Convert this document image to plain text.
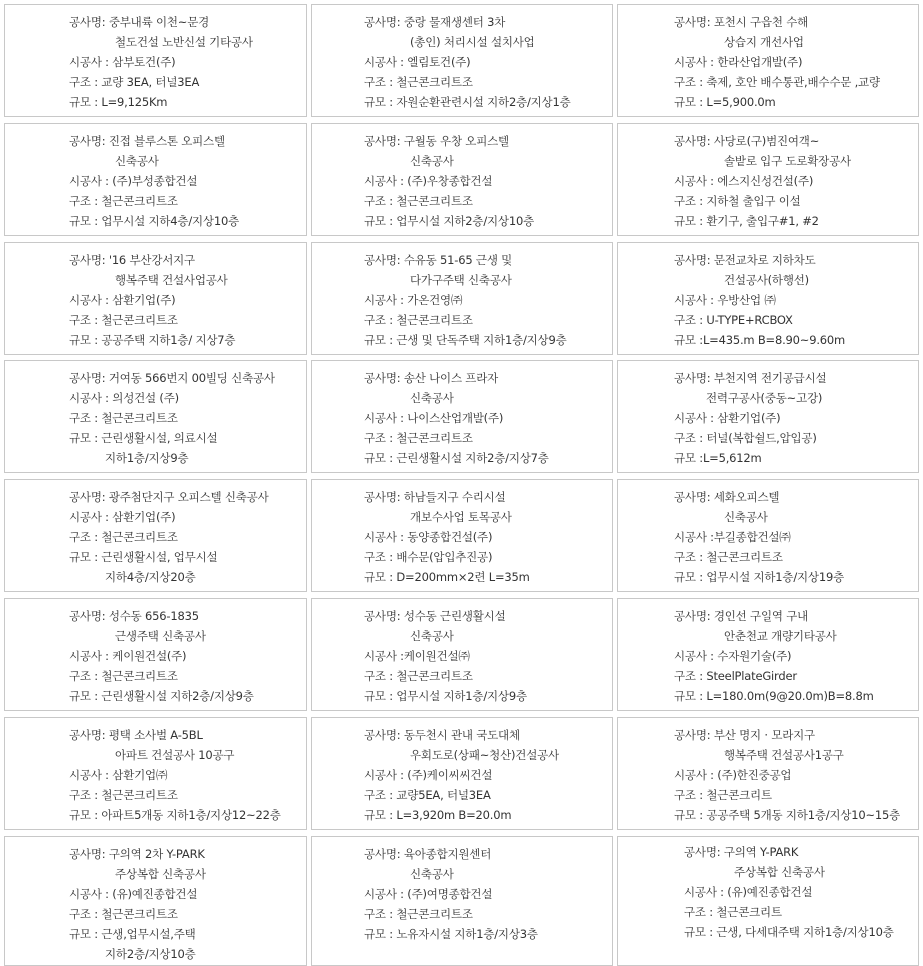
공사명: 중부내륙 이천~문경
철도건설 노반신설 기타공사
시공사 : 삼부토건(주)
구조 : 교량 3EA, 터널3EA
규모 : L=9,125Km
공사명: 중랑 물재생센터 3차
(총인) 처리시설 설치사업
시공사 : 엘림토건(주)
구조 : 철근콘크리트조
규모 : 자원순환관련시설 지하2층/지상1층
공사명: 포천시 구읍천 수해
상습지 개선사업
시공사 : 한라산업개발(주)
구조 : 축제, 호안 배수통관,배수수문 ,교량
규모 : L=5,900.0m
공사명: 진접 블루스톤 오피스텔
신축공사
시공사 : (주)부성종합건설
구조 : 철근콘크리트조
규모 : 업무시설 지하4층/지상10층
공사명: 구월동 우창 오피스텔
신축공사
시공사 : (주)우창종합건설
구조 : 철근콘크리트조
규모 : 업무시설 지하2층/지상10층
공사명: 사당로(구)범진여객~
솔밭로 입구 도로확장공사
시공사 : 에스지신성건설(주)
구조 : 지하철 출입구 이설
규모 : 환기구, 출입구#1, #2
공사명: '16 부산강서지구
행복주택 건설사업공사
시공사 : 삼환기업(주)
구조 : 철근콘크리트조
규모 : 공공주택 지하1층/ 지상7층
공사명: 수유동 51-65 근생 및
다가구주택 신축공사
시공사 : 가온건영㈜
구조 : 철근콘크리트조
규모 : 근생 및 단독주택 지하1층/지상9층
공사명: 문전교차로 지하차도
건설공사(하행선)
시공사 : 우방산업 ㈜
구조 : U-TYPE+RCBOX
규모 :L=435.m B=8.90~9.60m
공사명: 거여동 566번지 00빌딩 신축공사
시공사 : 의성건설 (주)
구조 : 철근콘크리트조
규모 : 근린생활시설, 의료시설
지하1층/지상9층
공사명: 송산 나이스 프라자
신축공사
시공사 : 나이스산업개발(주)
구조 : 철근콘크리트조
규모 : 근린생활시설 지하2층/지상7층
공사명: 부천지역 전기공급시설
전력구공사(중동~고강)
시공사 : 삼환기업(주)
구조 : 터널(복합쉴드,압입공)
규모 :L=5,612m
공사명: 광주첨단지구 오피스텔 신축공사
시공사 : 삼환기업(주)
구조 : 철근콘크리트조
규모 : 근린생활시설, 업무시설
지하4층/지상20층
공사명: 하남들지구 수리시설
개보수사업 토목공사
시공사 : 동양종합건설(주)
구조 : 배수문(압입추진공)
규모 : D=200mm×2련 L=35m
공사명: 세화오피스텔
신축공사
시공사 :부길종합건설㈜
구조 : 철근콘크리트조
규모 : 업무시설 지하1층/지상19층
공사명: 성수동 656-1835
근생주택 신축공사
시공사 : 케이원건설(주)
구조 : 철근콘크리트조
규모 : 근린생활시설 지하2층/지상9층
공사명: 성수동 근린생활시설
신축공사
시공사 :케이원건설㈜
구조 : 철근콘크리트조
규모 : 업무시설 지하1층/지상9층
공사명: 경인선 구일역 구내
안춘천교 개량기타공사
시공사 : 수자원기술(주)
구조 : SteelPlateGirder
규모 : L=180.0m(9@20.0m)B=8.8m
공사명: 평택 소사벌 A-5BL
아파트 건설공사 10공구
시공사 : 삼환기업㈜
구조 : 철근콘크리트조
규모 : 아파트5개동 지하1층/지상12~22층
공사명: 동두천시 관내 국도대체
우회도로(상패~청산)건설공사
시공사 : (주)케이씨씨건설
구조 : 교량5EA, 터널3EA
규모 : L=3,920m B=20.0m
공사명: 부산 명지 · 모라지구
행복주택 건설공사1공구
시공사 : (주)한진중공업
구조 : 철근콘크리트
규모 : 공공주택 5개동 지하1층/지상10~15층
공사명: 구의역 2차 Y-PARK
주상복합 신축공사
시공사 : (유)예진종합건설
구조 : 철근콘크리트조
규모 : 근생,업무시설,주택
지하2층/지상10층
공사명: 육아종합지원센터
신축공사
시공사 : (주)여명종합건설
구조 : 철근콘크리트조
규모 : 노유자시설 지하1층/지상3층
공사명: 구의역 Y-PARK
주상복합 신축공사
시공사 : (유)예진종합건설
구조 : 철근콘크리트
규모 : 근생, 다세대주택 지하1층/지상10층
